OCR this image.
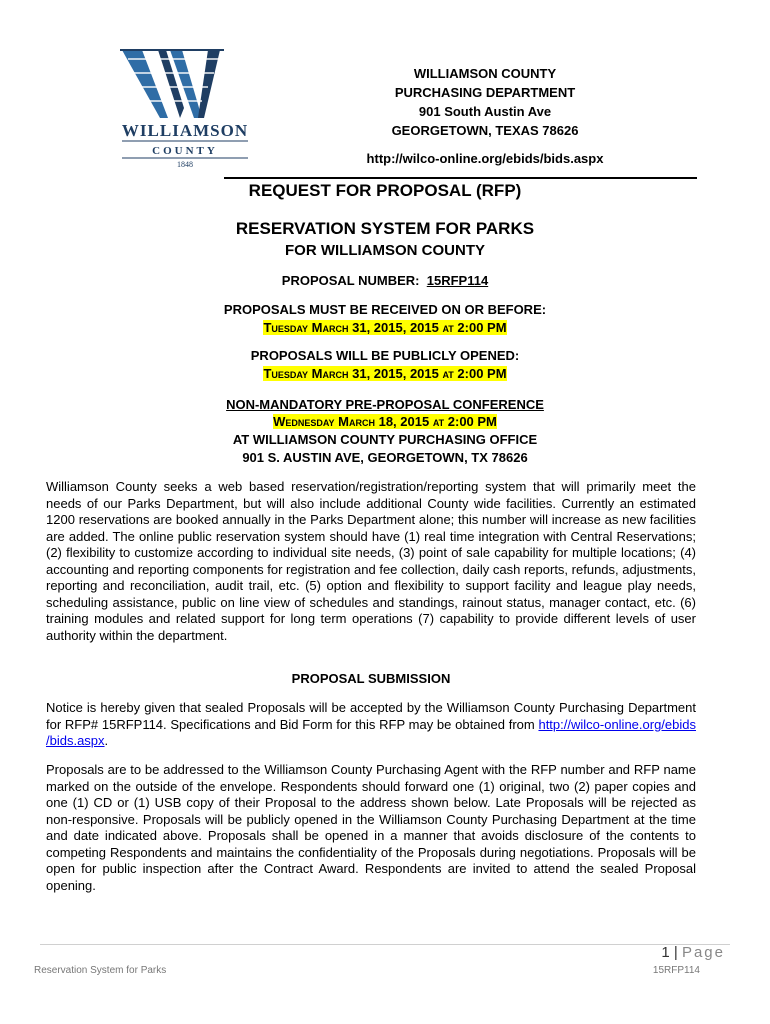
WILLIAMSON
COUNTY
1848
WILLIAMSON COUNTY
PURCHASING DEPARTMENT
901 South Austin Ave
GEORGETOWN, TEXAS 78626
http://wilco-online.org/ebids/bids.aspx
REQUEST FOR PROPOSAL (RFP)
RESERVATION SYSTEM FOR PARKS
FOR WILLIAMSON COUNTY
PROPOSAL NUMBER: 15RFP114
PROPOSALS MUST BE RECEIVED ON OR BEFORE:
Tuesday March 31, 2015, 2015 at 2:00 PM
PROPOSALS WILL BE PUBLICLY OPENED:
Tuesday March 31, 2015, 2015 at 2:00 PM
NON-MANDATORY PRE-PROPOSAL CONFERENCE
Wednesday March 18, 2015 at 2:00 PM
AT WILLIAMSON COUNTY PURCHASING OFFICE
901 S. AUSTIN AVE, GEORGETOWN, TX 78626
Williamson County seeks a web based reservation/registration/reporting system that will primarily meet the needs of our Parks Department, but will also include additional County wide facilities. Currently an estimated 1200 reservations are booked annually in the Parks Department alone; this number will increase as new facilities are added. The online public reservation system should have (1) real time integration with Central Reservations; (2) flexibility to customize according to individual site needs, (3) point of sale capability for multiple locations; (4) accounting and reporting components for registration and fee collection, daily cash reports, refunds, adjustments, reporting and reconciliation, audit trail, etc. (5) option and flexibility to support facility and league play needs, scheduling assistance, public on line view of schedules and standings, rainout status, manager contact, etc. (6) training modules and related support for long term operations (7) capability to provide different levels of user authority within the department.
PROPOSAL SUBMISSION
Notice is hereby given that sealed Proposals will be accepted by the Williamson County Purchasing Department for RFP# 15RFP114. Specifications and Bid Form for this RFP may be obtained from http://wilco-online.org/ebids /bids.aspx.
Proposals are to be addressed to the Williamson County Purchasing Agent with the RFP number and RFP name marked on the outside of the envelope. Respondents should forward one (1) original, two (2) paper copies and one (1) CD or (1) USB copy of their Proposal to the address shown below. Late Proposals will be rejected as non-responsive. Proposals will be publicly opened in the Williamson County Purchasing Department at the time and date indicated above. Proposals shall be opened in a manner that avoids disclosure of the contents to competing Respondents and maintains the confidentiality of the Proposals during negotiations. Proposals will be open for public inspection after the Contract Award. Respondents are invited to attend the sealed Proposal opening.
1 | Page
Reservation System for Parks	15RFP114
